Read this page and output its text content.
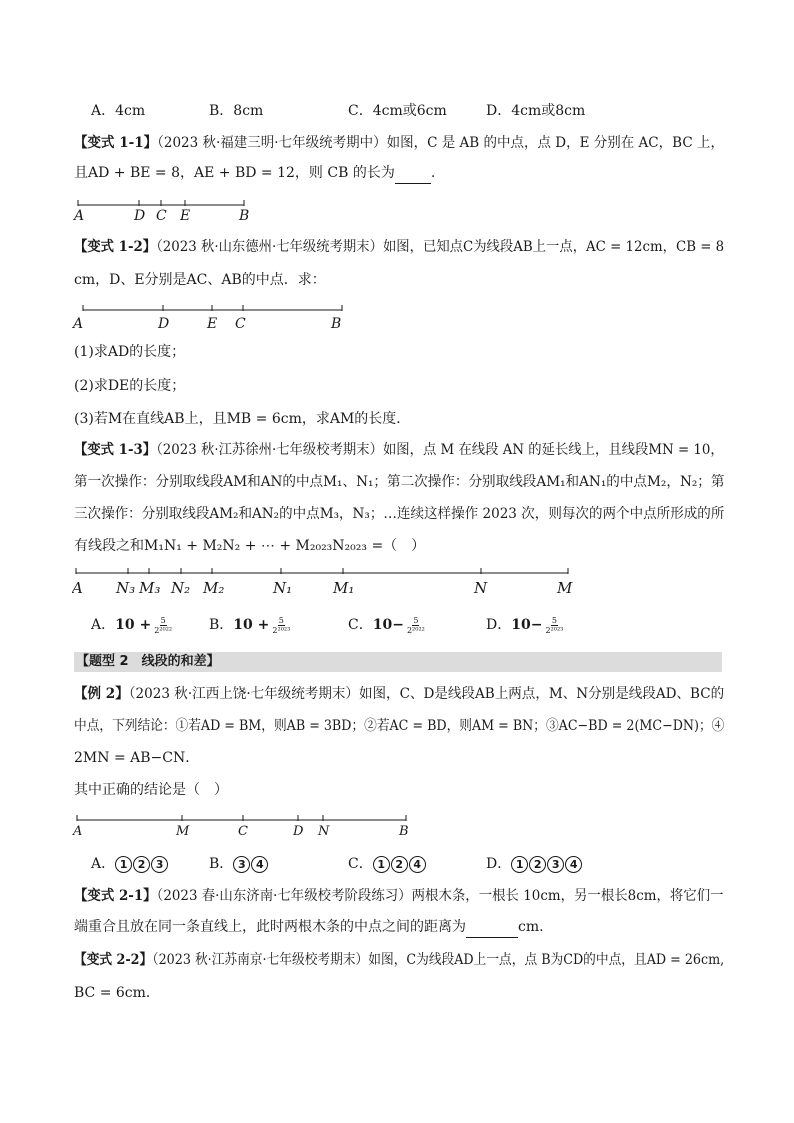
A．4cm	B．8cm	C．4cm或6cm	D．4cm或8cm
【变式 1-1】（2023 秋·福建三明·七年级统考期中）如图，C 是 AB 的中点，点 D，E 分别在 AC，BC 上，
且AD + BE = 8，AE + BD = 12，则 CB 的长为	.
A	D C E	B
【变式 1-2】（2023 秋·山东德州·七年级统考期末）如图，已知点C为线段AB上一点，AC = 12cm，CB = 8
cm，D、E分别是AC、AB的中点．求：
A	D	E C	B
(1)求AD的长度；
(2)求DE的长度；
(3)若M在直线AB上，且MB = 6cm，求AM的长度．
【变式 1-3】（2023 秋·江苏徐州·七年级校考期末）如图，点 M 在线段 AN 的延长线上，且线段MN = 10，
第一次操作：分别取线段AM和AN的中点M₁、N₁；第二次操作：分别取线段AM₁和AN₁的中点M₂，N₂；第
三次操作：分别取线段AM₂和AN₂的中点M₃，N₃；…连续这样操作 2023 次，则每次的两个中点所形成的所
有线段之和M₁N₁ + M₂N₂ + ⋯ + M₂₀₂₃N₂₀₂₃ =（　）
A N₃ M₃ N₂ M₂	N₁	M₁	N	M
A．$10 + \frac{5}{\text{2²⁰²²}}$	B．$10 + \frac{5}{\text{2²⁰²³}}$	C．$10- \frac{5}{\text{2²⁰²²}}$	D．$10- \frac{5}{\text{2²⁰²³}}$
【题型 2　线段的和差】
【例 2】（2023 秋·江西上饶·七年级统考期末）如图，C、D是线段AB上两点，M、N分别是线段AD、BC的
中点，下列结论：①若AD = BM，则AB = 3BD；②若AC = BD，则AM = BN；③AC−BD = 2(MC−DN)；④
2MN = AB−CN．
其中正确的结论是（　）
A	M	C	D N	B
A． 1 2 3	B． 3 4	C． 1 2 4	D． 1 2 3 4
【变式 2-1】（2023 春·山东济南·七年级校考阶段练习）两根木条，一根长 10cm，另一根长8cm，将它们一
端重合且放在同一条直线上，此时两根木条的中点之间的距离为	cm.
【变式 2-2】（2023 秋·江苏南京·七年级校考期末）如图，C为线段AD上一点，点 B为CD的中点，且AD = 26cm,
BC = 6cm．
